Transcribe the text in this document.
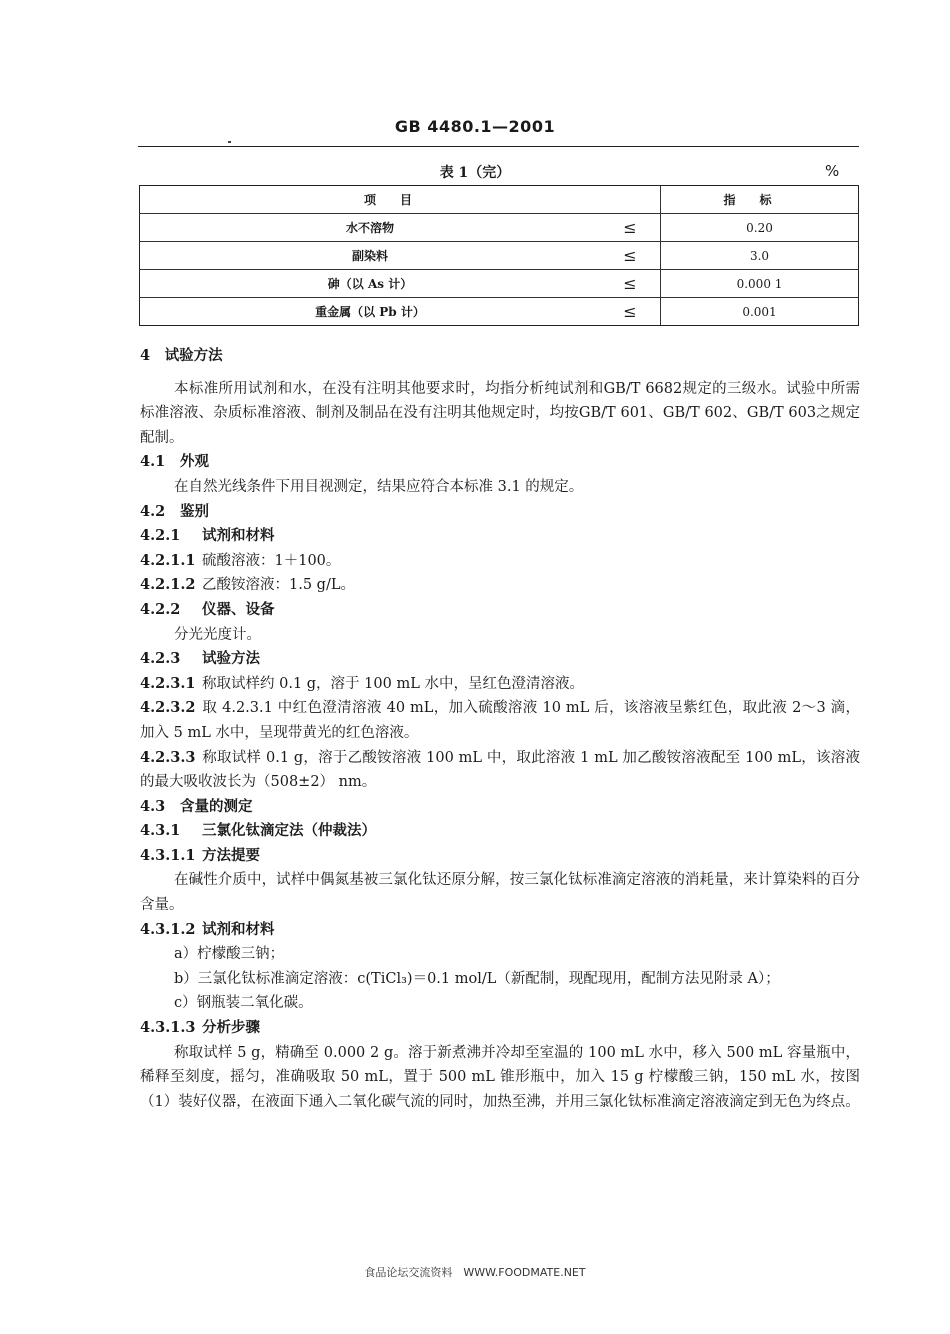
GB 4480.1—2001
表 1（完）	%
项目		指标
水不溶物	≤	0.20
副染料	≤	3.0
砷（以 As 计）	≤	0.000 1
重金属（以 Pb 计）	≤	0.001

4　试验方法

本标准所用试剂和水，在没有注明其他要求时，均指分析纯试剂和GB/T 6682规定的三级水。试验中所需标准溶液、杂质标准溶液、制剂及制品在没有注明其他规定时，均按GB/T 601、GB/T 602、GB/T 603之规定配制。

4.1 外观

在自然光线条件下用目视测定，结果应符合本标准 3.1 的规定。

4.2 鉴别

4.2.1 试剂和材料

4.2.1.1 硫酸溶液：1＋100。

4.2.1.2 乙酸铵溶液：1.5 g/L。

4.2.2 仪器、设备

分光光度计。

4.2.3 试验方法

4.2.3.1 称取试样约 0.1 g，溶于 100 mL 水中，呈红色澄清溶液。

4.2.3.2 取 4.2.3.1 中红色澄清溶液 40 mL，加入硫酸溶液 10 mL 后，该溶液呈紫红色，取此液 2～3 滴，加入 5 mL 水中，呈现带黄光的红色溶液。

4.2.3.3 称取试样 0.1 g，溶于乙酸铵溶液 100 mL 中，取此溶液 1 mL 加乙酸铵溶液配至 100 mL，该溶液的最大吸收波长为（508±2） nm。

4.3 含量的测定

4.3.1 三氯化钛滴定法（仲裁法）

4.3.1.1 方法提要

在碱性介质中，试样中偶氮基被三氯化钛还原分解，按三氯化钛标准滴定溶液的消耗量，来计算染料的百分含量。

4.3.1.2 试剂和材料

a）柠檬酸三钠；

b）三氯化钛标准滴定溶液：c(TiCl₃)＝0.1 mol/L（新配制，现配现用，配制方法见附录 A）；

c）钢瓶装二氧化碳。

4.3.1.3 分析步骤

称取试样 5 g，精确至 0.000 2 g。溶于新煮沸并冷却至室温的 100 mL 水中，移入 500 mL 容量瓶中，稀释至刻度，摇匀，准确吸取 50 mL，置于 500 mL 锥形瓶中，加入 15 g 柠檬酸三钠，150 mL 水，按图（1）装好仪器，在液面下通入二氧化碳气流的同时，加热至沸，并用三氯化钛标准滴定溶液滴定到无色为终点。

食品论坛交流资料　WWW.FOODMATE.NET
